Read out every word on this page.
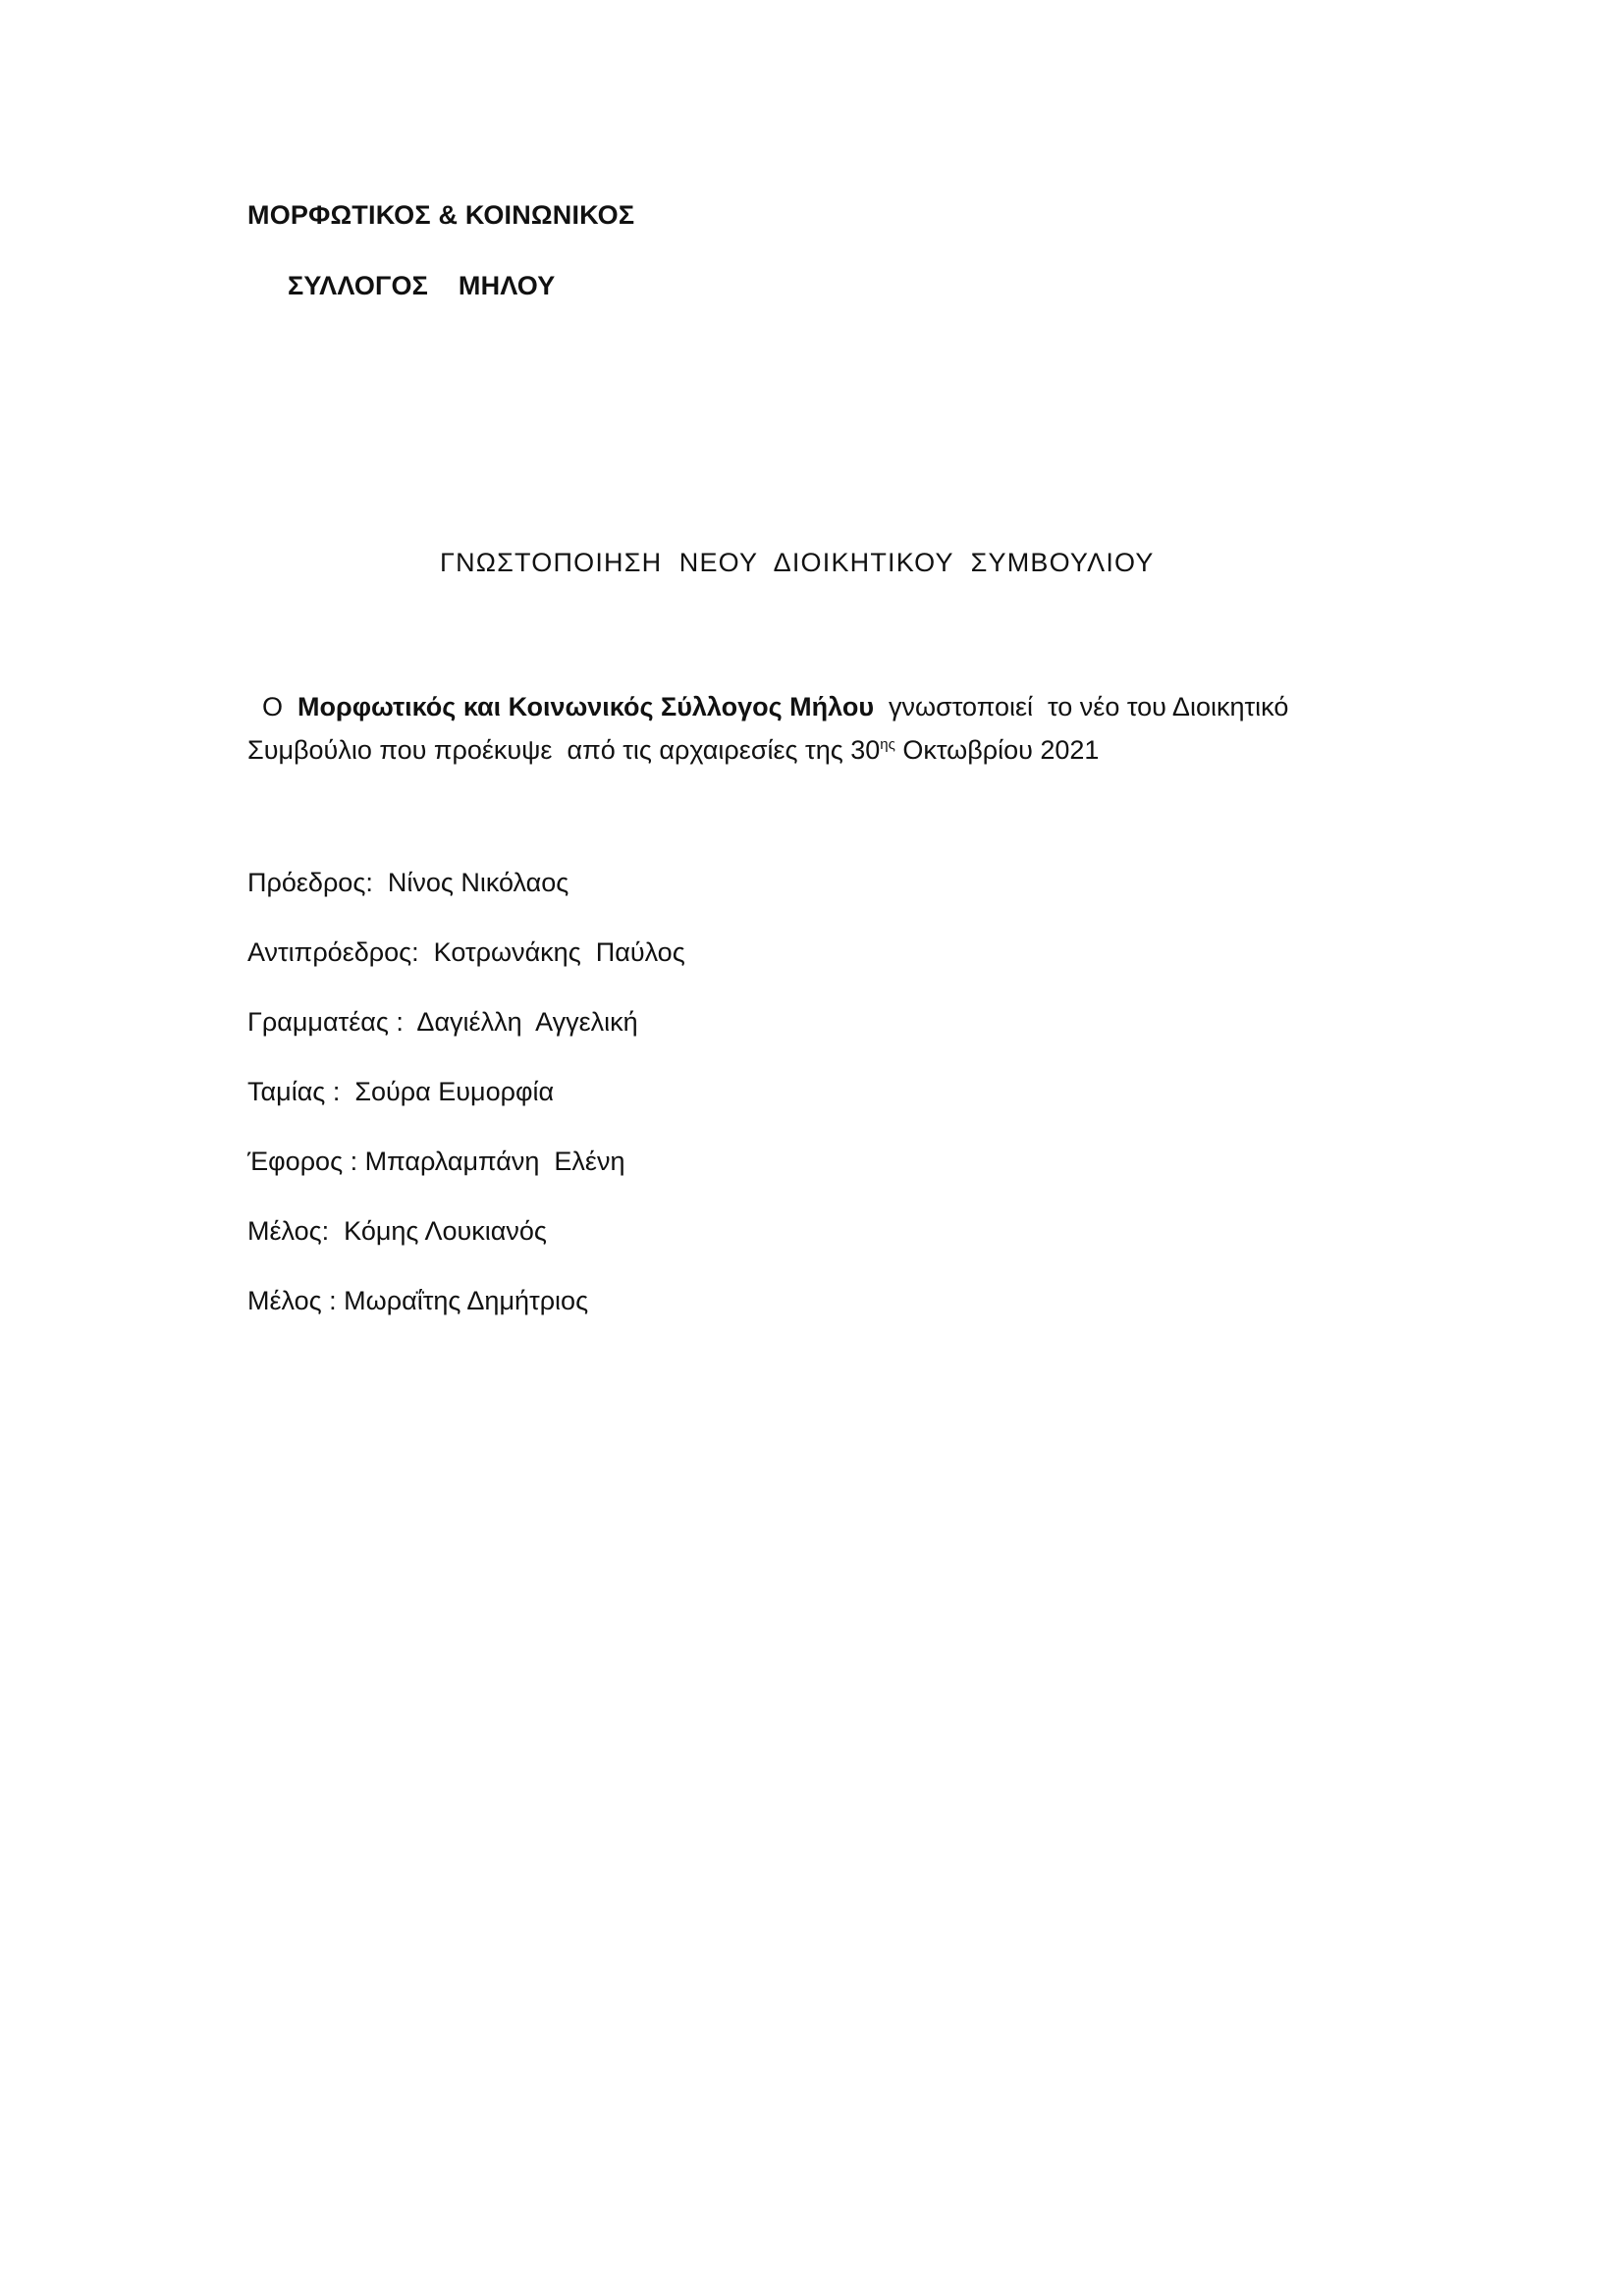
ΜΟΡΦΩΤΙΚΟΣ & ΚΟΙΝΩΝΙΚΟΣ
ΣΥΛΛΟΓΟΣ    ΜΗΛΟΥ
ΓΝΩΣΤΟΠΟΙΗΣΗ  ΝΕΟΥ  ΔΙΟΙΚΗΤΙΚΟΥ  ΣΥΜΒΟΥΛΙΟΥ
Ο  Μορφωτικός και Κοινωνικός Σύλλογος Μήλου  γνωστοποιεί  το νέο του Διοικητικό
Συμβούλιο που προέκυψε  από τις αρχαιρεσίες της $30^{\eta\varsigma}$ Οκτωβρίου 2021
Πρόεδρος:  Νίνος Νικόλαος
Αντιπρόεδρος:  Κοτρωνάκης  Παύλος
Γραμματέας :  Δαγιέλλη  Αγγελική
Ταμίας :  Σούρα Ευμορφία
Έφορος : Μπαρλαμπάνη  Ελένη
Μέλος:  Κόμης Λουκιανός
Μέλος : Μωραΐτης Δημήτριος
